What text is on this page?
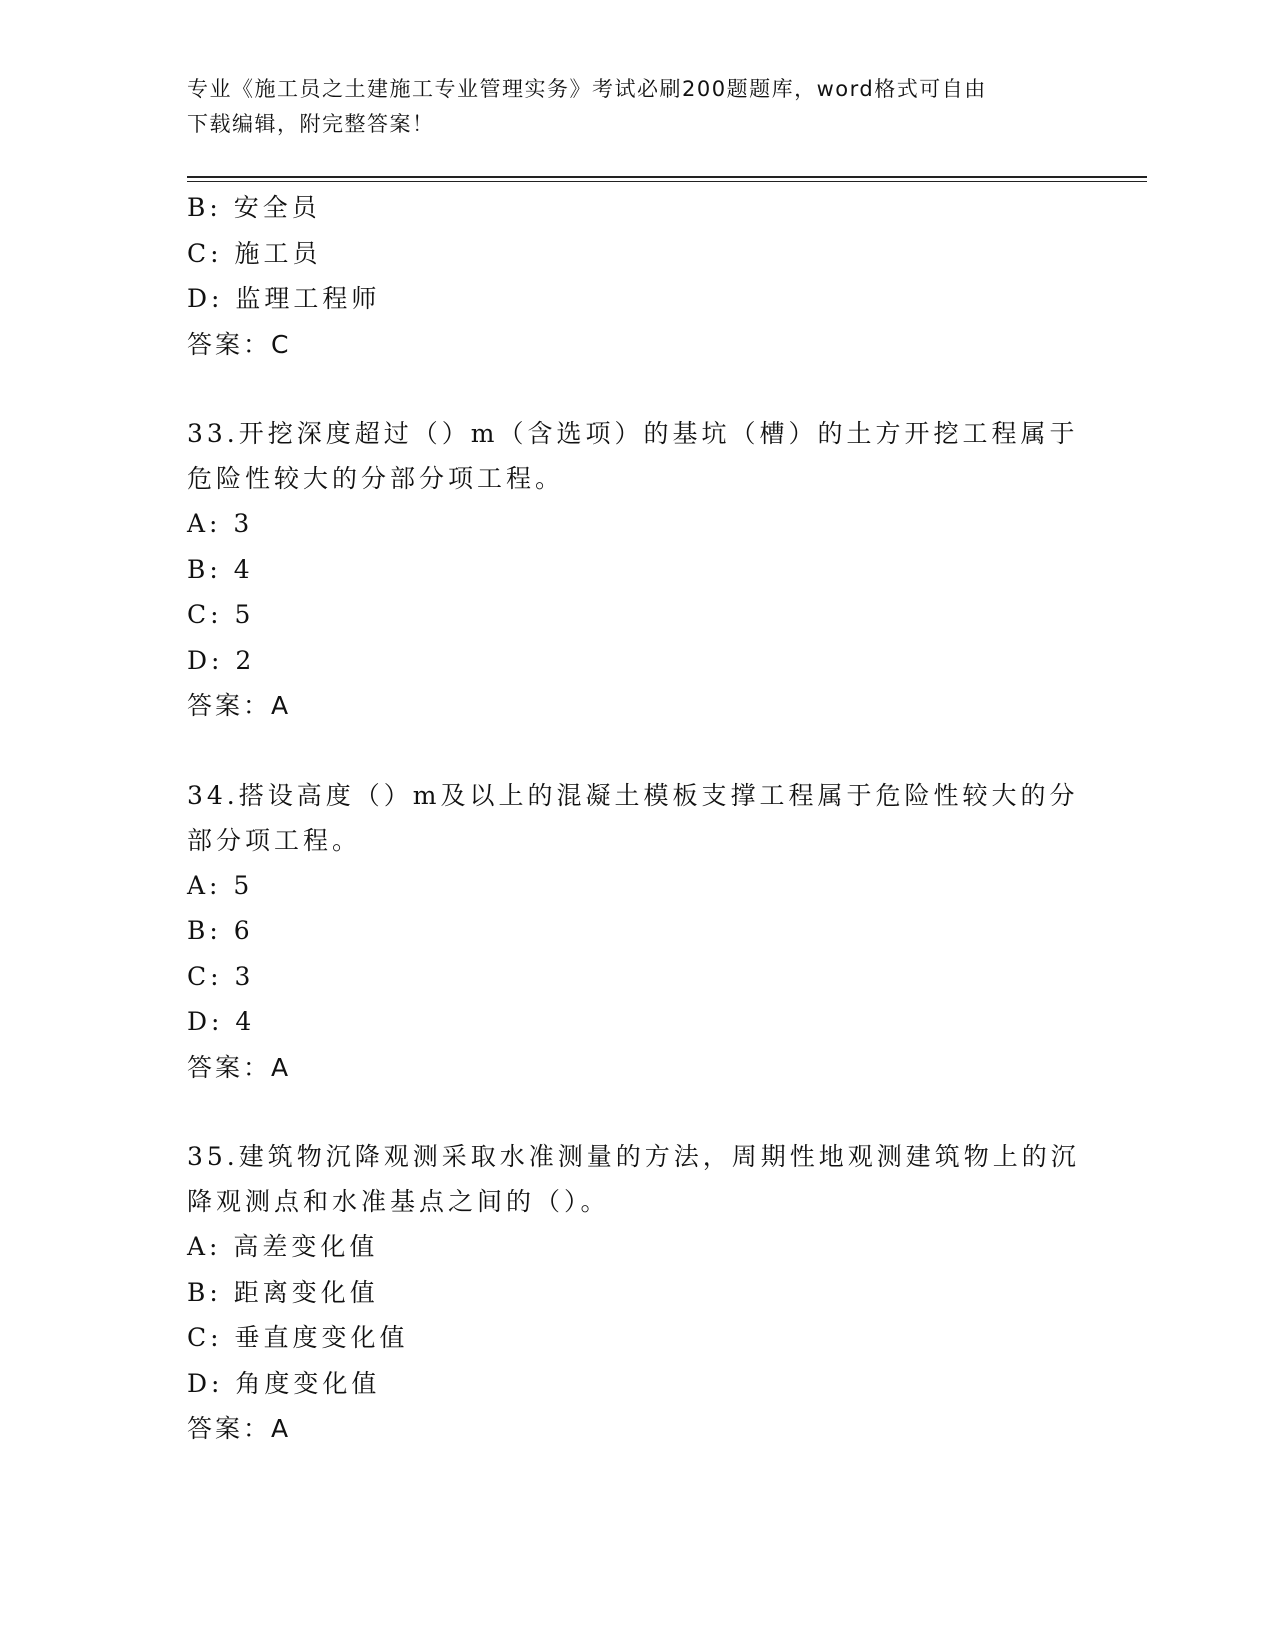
专业《施工员之土建施工专业管理实务》考试必刷200题题库，word格式可自由
下载编辑，附完整答案！
B: 安全员
C: 施工员
D: 监理工程师
答案：C
33.开挖深度超过（）m（含选项）的基坑（槽）的土方开挖工程属于
危险性较大的分部分项工程。
A: 3
B: 4
C: 5
D: 2
答案：A
34.搭设高度（）m及以上的混凝土模板支撑工程属于危险性较大的分
部分项工程。
A: 5
B: 6
C: 3
D: 4
答案：A
35.建筑物沉降观测采取水准测量的方法，周期性地观测建筑物上的沉
降观测点和水准基点之间的（）。
A: 高差变化值
B: 距离变化值
C: 垂直度变化值
D: 角度变化值
答案：A
